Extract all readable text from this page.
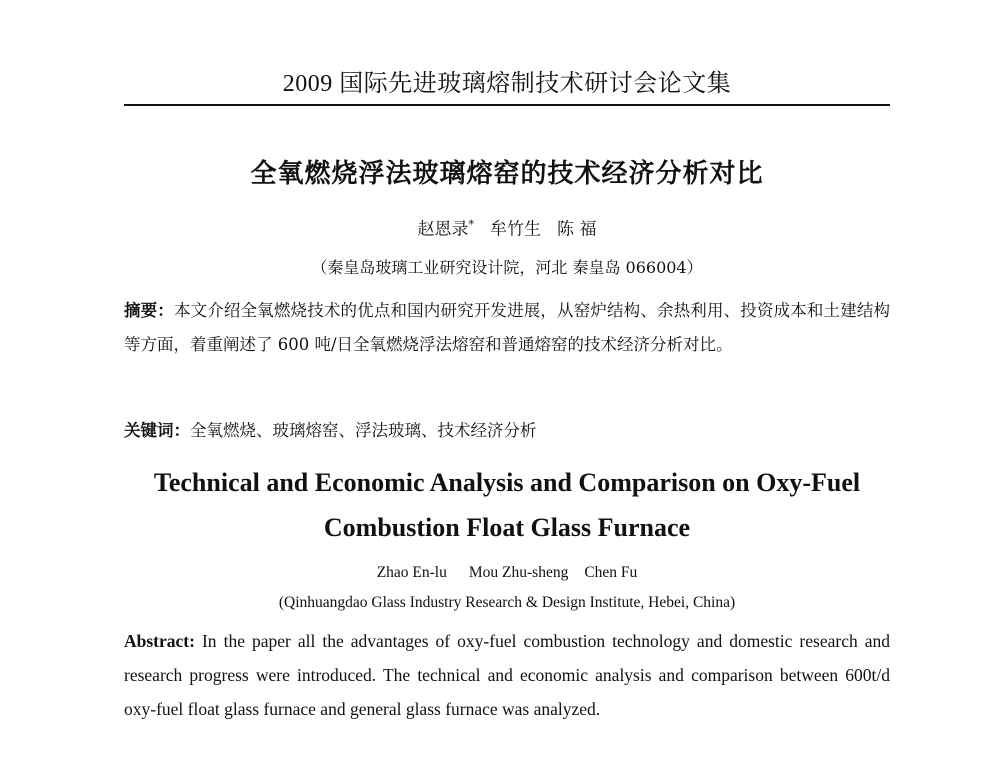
2009 国际先进玻璃熔制技术研讨会论文集
全氧燃烧浮法玻璃熔窑的技术经济分析对比
赵恩录* 牟竹生 陈 福
（秦皇岛玻璃工业研究设计院，河北 秦皇岛 066004）
摘要：本文介绍全氧燃烧技术的优点和国内研究开发进展，从窑炉结构、余热利用、投资成本和土建结构等方面，着重阐述了 600 吨/日全氧燃烧浮法熔窑和普通熔窑的技术经济分析对比。
关键词：全氧燃烧、玻璃熔窑、浮法玻璃、技术经济分析
Technical and Economic Analysis and Comparison on Oxy-Fuel
Combustion Float Glass Furnace
Zhao En-lu Mou Zhu-sheng Chen Fu
(Qinhuangdao Glass Industry Research & Design Institute, Hebei, China)
Abstract: In the paper all the advantages of oxy-fuel combustion technology and domestic research and research progress were introduced. The technical and economic analysis and comparison between 600t/d oxy-fuel float glass furnace and general glass furnace was analyzed.
